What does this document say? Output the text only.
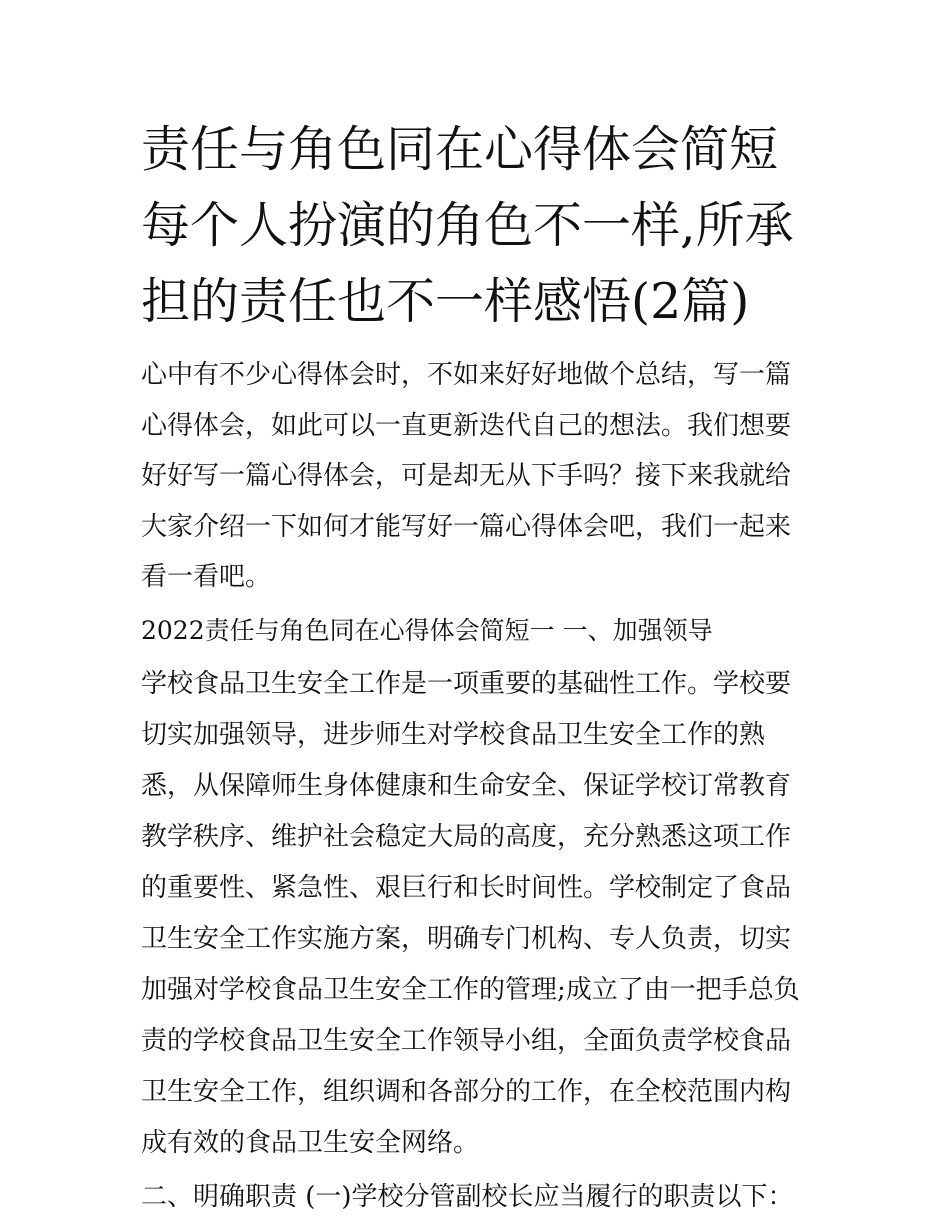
责任与角色同在心得体会简短每个人扮演的角色不一样,所承担的责任也不一样感悟(2篇)

心中有不少心得体会时，不如来好好地做个总结，写一篇心得体会，如此可以一直更新迭代自己的想法。我们想要好好写一篇心得体会，可是却无从下手吗？接下来我就给大家介绍一下如何才能写好一篇心得体会吧，我们一起来看一看吧。

2022责任与角色同在心得体会简短一 一、加强领导

学校食品卫生安全工作是一项重要的基础性工作。学校要切实加强领导，进步师生对学校食品卫生安全工作的熟悉，从保障师生身体健康和生命安全、保证学校订常教育教学秩序、维护社会稳定大局的高度，充分熟悉这项工作的重要性、紧急性、艰巨行和长时间性。学校制定了食品卫生安全工作实施方案，明确专门机构、专人负责，切实加强对学校食品卫生安全工作的管理;成立了由一把手总负责的学校食品卫生安全工作领导小组，全面负责学校食品卫生安全工作，组织调和各部分的工作，在全校范围内构成有效的食品卫生安全网络。

二、明确职责 (一)学校分管副校长应当履行的职责以下：
